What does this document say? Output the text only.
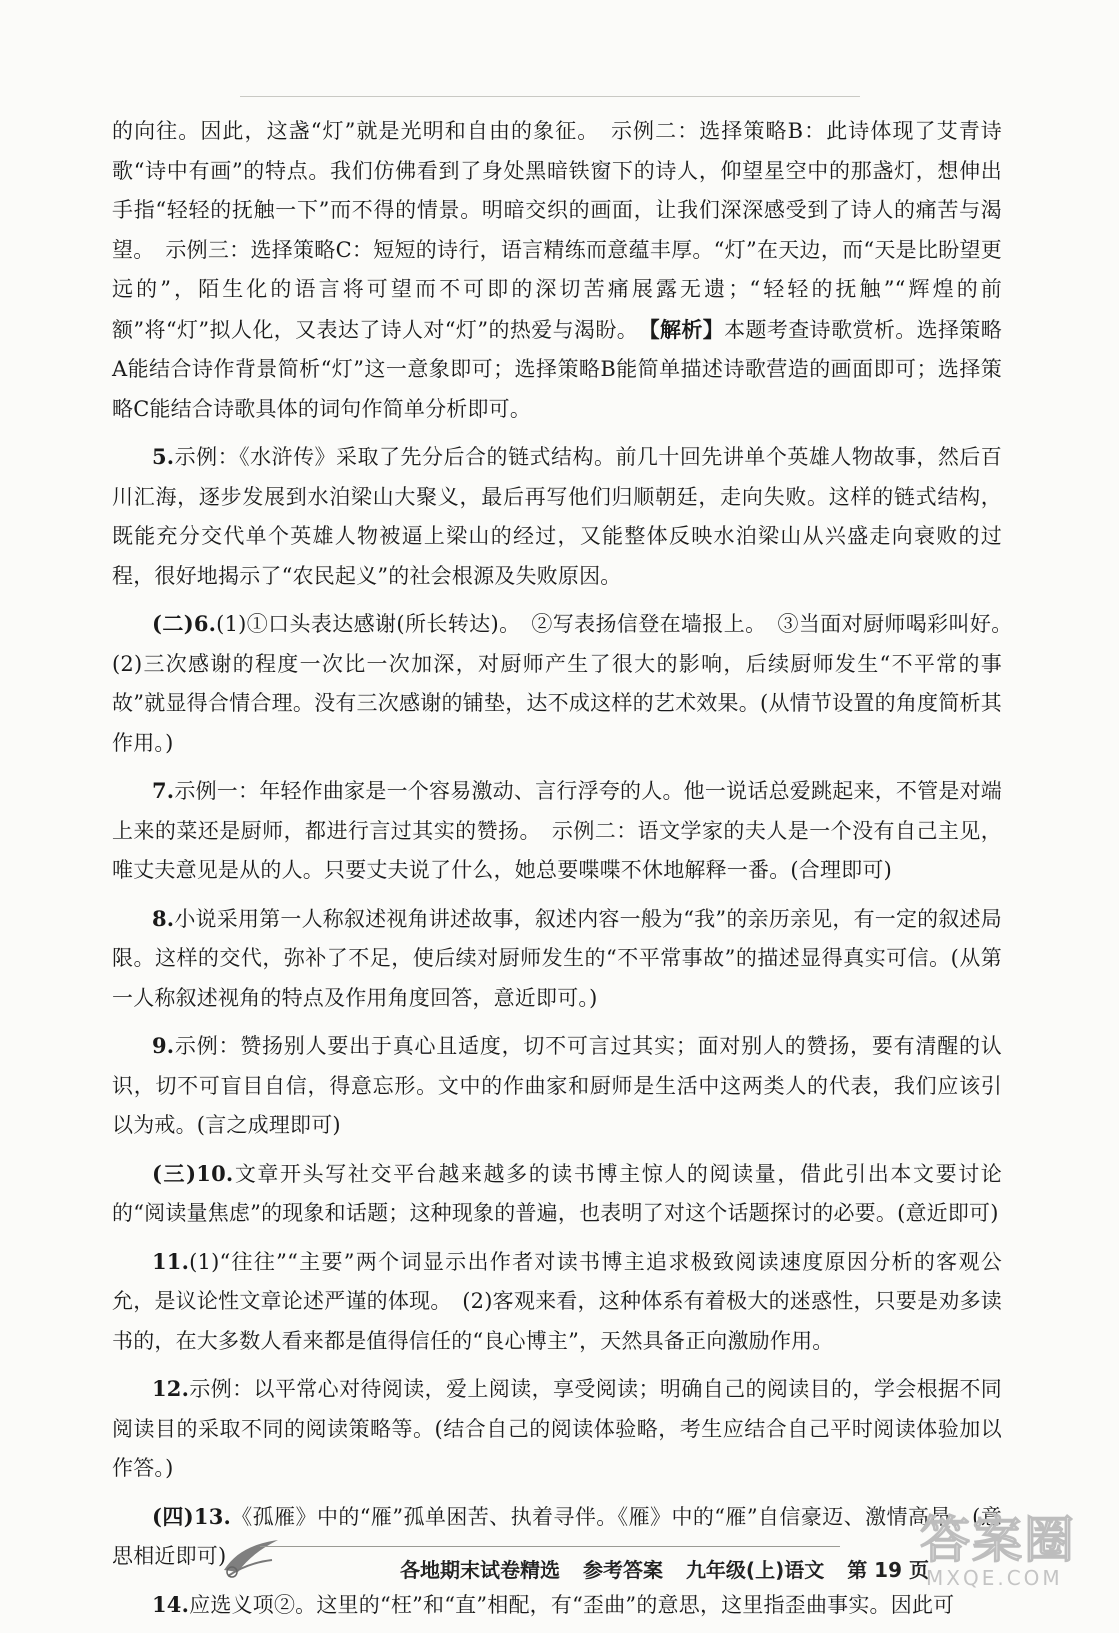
的向往。因此，这盏“灯”就是光明和自由的象征。　示例二：选择策略B：此诗体现了艾青诗歌“诗中有画”的特点。我们仿佛看到了身处黑暗铁窗下的诗人，仰望星空中的那盏灯，想伸出手指“轻轻的抚触一下”而不得的情景。明暗交织的画面，让我们深深感受到了诗人的痛苦与渴望。　示例三：选择策略C：短短的诗行，语言精练而意蕴丰厚。“灯”在天边，而“天是比盼望更远的”，陌生化的语言将可望而不可即的深切苦痛展露无遗；“轻轻的抚触”“辉煌的前额”将“灯”拟人化，又表达了诗人对“灯”的热爱与渴盼。　【解析】本题考查诗歌赏析。选择策略A能结合诗作背景简析“灯”这一意象即可；选择策略B能简单描述诗歌营造的画面即可；选择策略C能结合诗歌具体的词句作简单分析即可。

5.示例：《水浒传》采取了先分后合的链式结构。前几十回先讲单个英雄人物故事，然后百川汇海，逐步发展到水泊梁山大聚义，最后再写他们归顺朝廷，走向失败。这样的链式结构，既能充分交代单个英雄人物被逼上梁山的经过，又能整体反映水泊梁山从兴盛走向衰败的过程，很好地揭示了“农民起义”的社会根源及失败原因。

(二)6.(1)①口头表达感谢(所长转达)。　②写表扬信登在墙报上。　③当面对厨师喝彩叫好。　(2)三次感谢的程度一次比一次加深，对厨师产生了很大的影响，后续厨师发生“不平常的事故”就显得合情合理。没有三次感谢的铺垫，达不成这样的艺术效果。(从情节设置的角度简析其作用。)

7.示例一：年轻作曲家是一个容易激动、言行浮夸的人。他一说话总爱跳起来，不管是对端上来的菜还是厨师，都进行言过其实的赞扬。　示例二：语文学家的夫人是一个没有自己主见，唯丈夫意见是从的人。只要丈夫说了什么，她总要喋喋不休地解释一番。(合理即可)

8.小说采用第一人称叙述视角讲述故事，叙述内容一般为“我”的亲历亲见，有一定的叙述局限。这样的交代，弥补了不足，使后续对厨师发生的“不平常事故”的描述显得真实可信。(从第一人称叙述视角的特点及作用角度回答，意近即可。)

9.示例：赞扬别人要出于真心且适度，切不可言过其实；面对别人的赞扬，要有清醒的认识，切不可盲目自信，得意忘形。文中的作曲家和厨师是生活中这两类人的代表，我们应该引以为戒。(言之成理即可)

(三)10.文章开头写社交平台越来越多的读书博主惊人的阅读量，借此引出本文要讨论的“阅读量焦虑”的现象和话题；这种现象的普遍，也表明了对这个话题探讨的必要。(意近即可)

11.(1)“往往”“主要”两个词显示出作者对读书博主追求极致阅读速度原因分析的客观公允，是议论性文章论述严谨的体现。　(2)客观来看，这种体系有着极大的迷惑性，只要是劝多读书的，在大多数人看来都是值得信任的“良心博主”，天然具备正向激励作用。

12.示例：以平常心对待阅读，爱上阅读，享受阅读；明确自己的阅读目的，学会根据不同阅读目的采取不同的阅读策略等。(结合自己的阅读体验略，考生应结合自己平时阅读体验加以作答。)

(四)13.《孤雁》中的“雁”孤单困苦、执着寻伴。《雁》中的“雁”自信豪迈、激情高昂。(意思相近即可)

14.应选义项②。这里的“枉”和“直”相配，有“歪曲”的意思，这里指歪曲事实。因此可

各地期末试卷精选 参考答案 九年级(上)语文 第 19 页
答案圈
MXQE.COM
